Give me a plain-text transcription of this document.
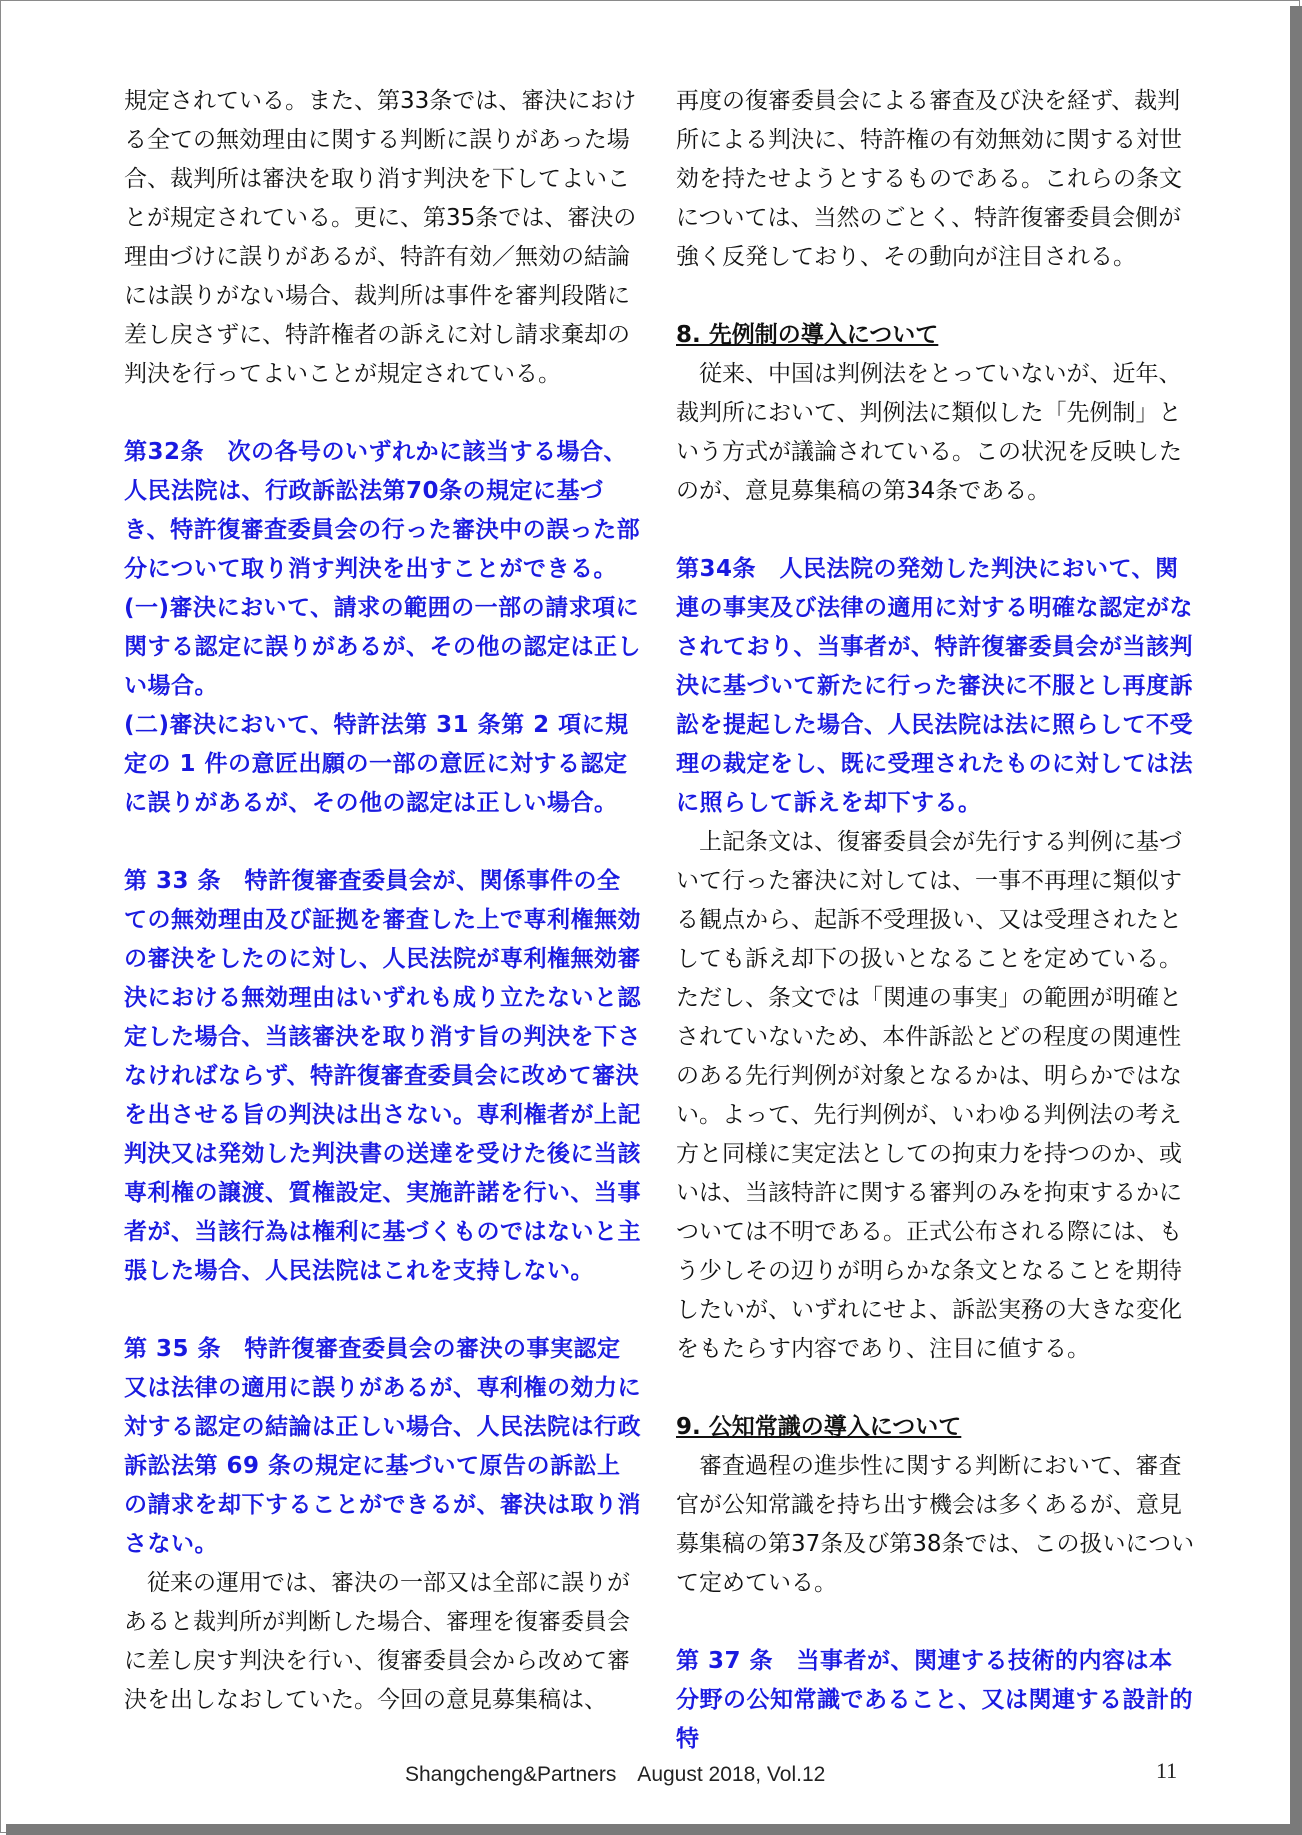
規定されている。また、第33条では、審決における全ての無効理由に関する判断に誤りがあった場合、裁判所は審決を取り消す判決を下してよいことが規定されている。更に、第35条では、審決の理由づけに誤りがあるが、特許有効／無効の結論には誤りがない場合、裁判所は事件を審判段階に差し戻さずに、特許権者の訴えに対し請求棄却の判決を行ってよいことが規定されている。

第32条　次の各号のいずれかに該当する場合、人民法院は、行政訴訟法第70条の規定に基づき、特許復審査委員会の行った審決中の誤った部分について取り消す判決を出すことができる。

(一)審決において、請求の範囲の一部の請求項に関する認定に誤りがあるが、その他の認定は正しい場合。

(二)審決において、特許法第 31 条第 2 項に規定の 1 件の意匠出願の一部の意匠に対する認定に誤りがあるが、その他の認定は正しい場合。

第 33 条　特許復審査委員会が、関係事件の全ての無効理由及び証拠を審査した上で専利権無効の審決をしたのに対し、人民法院が専利権無効審決における無効理由はいずれも成り立たないと認定した場合、当該審決を取り消す旨の判決を下さなければならず、特許復審査委員会に改めて審決を出させる旨の判決は出さない。専利権者が上記判決又は発効した判決書の送達を受けた後に当該専利権の譲渡、質権設定、実施許諾を行い、当事者が、当該行為は権利に基づくものではないと主張した場合、人民法院はこれを支持しない。

第 35 条　特許復審査委員会の審決の事実認定又は法律の適用に誤りがあるが、専利権の効力に対する認定の結論は正しい場合、人民法院は行政訴訟法第 69 条の規定に基づいて原告の訴訟上の請求を却下することができるが、審決は取り消さない。

従来の運用では、審決の一部又は全部に誤りがあると裁判所が判断した場合、審理を復審委員会に差し戻す判決を行い、復審委員会から改めて審決を出しなおしていた。今回の意見募集稿は、

再度の復審委員会による審査及び決を経ず、裁判所による判決に、特許権の有効無効に関する対世効を持たせようとするものである。これらの条文については、当然のごとく、特許復審委員会側が強く反発しており、その動向が注目される。

8. 先例制の導入について

従来、中国は判例法をとっていないが、近年、裁判所において、判例法に類似した「先例制」という方式が議論されている。この状況を反映したのが、意見募集稿の第34条である。

第34条　人民法院の発効した判決において、関連の事実及び法律の適用に対する明確な認定がなされており、当事者が、特許復審委員会が当該判決に基づいて新たに行った審決に不服とし再度訴訟を提起した場合、人民法院は法に照らして不受理の裁定をし、既に受理されたものに対しては法に照らして訴えを却下する。

上記条文は、復審委員会が先行する判例に基づいて行った審決に対しては、一事不再理に類似する観点から、起訴不受理扱い、又は受理されたとしても訴え却下の扱いとなることを定めている。ただし、条文では「関連の事実」の範囲が明確とされていないため、本件訴訟とどの程度の関連性のある先行判例が対象となるかは、明らかではない。よって、先行判例が、いわゆる判例法の考え方と同様に実定法としての拘束力を持つのか、或いは、当該特許に関する審判のみを拘束するかについては不明である。正式公布される際には、もう少しその辺りが明らかな条文となることを期待したいが、いずれにせよ、訴訟実務の大きな変化をもたらす内容であり、注目に値する。

9. 公知常識の導入について

審査過程の進歩性に関する判断において、審査官が公知常識を持ち出す機会は多くあるが、意見募集稿の第37条及び第38条では、この扱いについて定めている。

第 37 条　当事者が、関連する技術的内容は本分野の公知常識であること、又は関連する設計的特

Shangcheng&Partners　August 2018, Vol.12	11
